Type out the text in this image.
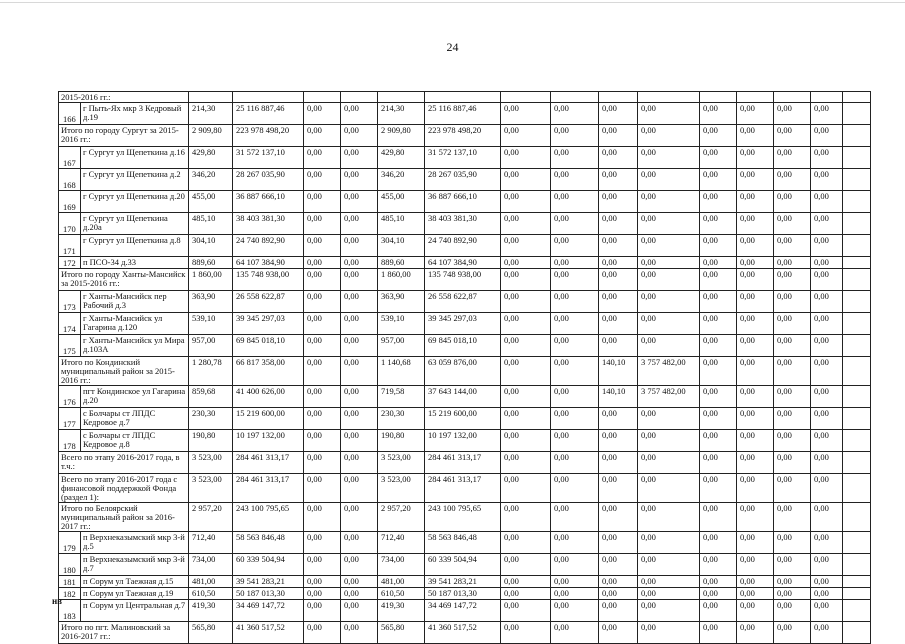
24
2015-2016 гг.:																
166	г Пыть-Ях мкр 3 Кедровый д.19	214,30	25 116 887,46	0,00	0,00	214,30	25 116 887,46	0,00	0,00	0,00	0,00	0,00	0,00	0,00	0,00	
Итого по городу Сургут за 2015-2016 гг.:		2 909,80	223 978 498,20	0,00	0,00	2 909,80	223 978 498,20	0,00	0,00	0,00	0,00	0,00	0,00	0,00	0,00	
167	г Сургут ул Щепеткина д.16	429,80	31 572 137,10	0,00	0,00	429,80	31 572 137,10	0,00	0,00	0,00	0,00	0,00	0,00	0,00	0,00	
168	г Сургут ул Щепеткина д.2	346,20	28 267 035,90	0,00	0,00	346,20	28 267 035,90	0,00	0,00	0,00	0,00	0,00	0,00	0,00	0,00	
169	г Сургут ул Щепеткина д.20	455,00	36 887 666,10	0,00	0,00	455,00	36 887 666,10	0,00	0,00	0,00	0,00	0,00	0,00	0,00	0,00	
170	г Сургут ул Щепеткина д.20а	485,10	38 403 381,30	0,00	0,00	485,10	38 403 381,30	0,00	0,00	0,00	0,00	0,00	0,00	0,00	0,00	
171	г Сургут ул Щепеткина д.8	304,10	24 740 892,90	0,00	0,00	304,10	24 740 892,90	0,00	0,00	0,00	0,00	0,00	0,00	0,00	0,00	
172	п ПСО-34 д.33	889,60	64 107 384,90	0,00	0,00	889,60	64 107 384,90	0,00	0,00	0,00	0,00	0,00	0,00	0,00	0,00	
Итого по городу Ханты-Мансийск за 2015-2016 гг.:		1 860,00	135 748 938,00	0,00	0,00	1 860,00	135 748 938,00	0,00	0,00	0,00	0,00	0,00	0,00	0,00	0,00	
173	г Ханты-Мансийск пер Рабочий д.3	363,90	26 558 622,87	0,00	0,00	363,90	26 558 622,87	0,00	0,00	0,00	0,00	0,00	0,00	0,00	0,00	
174	г Ханты-Мансийск ул Гагарина д.120	539,10	39 345 297,03	0,00	0,00	539,10	39 345 297,03	0,00	0,00	0,00	0,00	0,00	0,00	0,00	0,00	
175	г Ханты-Мансийск ул Мира д.103А	957,00	69 845 018,10	0,00	0,00	957,00	69 845 018,10	0,00	0,00	0,00	0,00	0,00	0,00	0,00	0,00	
Итого по Кондинский муниципальный район за 2015-2016 гг.:		1 280,78	66 817 358,00	0,00	0,00	1 140,68	63 059 876,00	0,00	0,00	140,10	3 757 482,00	0,00	0,00	0,00	0,00	
176	пгт Кондинское ул Гагарина д.20	859,68	41 400 626,00	0,00	0,00	719,58	37 643 144,00	0,00	0,00	140,10	3 757 482,00	0,00	0,00	0,00	0,00	
177	с Болчары ст ЛПДС Кедровое д.7	230,30	15 219 600,00	0,00	0,00	230,30	15 219 600,00	0,00	0,00	0,00	0,00	0,00	0,00	0,00	0,00	
178	с Болчары ст ЛПДС Кедровое д.8	190,80	10 197 132,00	0,00	0,00	190,80	10 197 132,00	0,00	0,00	0,00	0,00	0,00	0,00	0,00	0,00	
Всего по этапу 2016-2017 года, в т.ч.:		3 523,00	284 461 313,17	0,00	0,00	3 523,00	284 461 313,17	0,00	0,00	0,00	0,00	0,00	0,00	0,00	0,00	
Всего по этапу 2016-2017 года с финансовой поддержкой Фонда (раздел 1):		3 523,00	284 461 313,17	0,00	0,00	3 523,00	284 461 313,17	0,00	0,00	0,00	0,00	0,00	0,00	0,00	0,00	
Итого по Белоярский муниципальный район за 2016-2017 гг.:		2 957,20	243 100 795,65	0,00	0,00	2 957,20	243 100 795,65	0,00	0,00	0,00	0,00	0,00	0,00	0,00	0,00	
179	п Верхнеказымский мкр 3-й д.5	712,40	58 563 846,48	0,00	0,00	712,40	58 563 846,48	0,00	0,00	0,00	0,00	0,00	0,00	0,00	0,00	
180	п Верхнеказымский мкр 3-й д.7	734,00	60 339 504,94	0,00	0,00	734,00	60 339 504,94	0,00	0,00	0,00	0,00	0,00	0,00	0,00	0,00	
181	п Сорум ул Таежная д.15	481,00	39 541 283,21	0,00	0,00	481,00	39 541 283,21	0,00	0,00	0,00	0,00	0,00	0,00	0,00	0,00	
182	п Сорум ул Таежная д.19	610,50	50 187 013,30	0,00	0,00	610,50	50 187 013,30	0,00	0,00	0,00	0,00	0,00	0,00	0,00	0,00	
183	п Сорум ул Центральная д.7	419,30	34 469 147,72	0,00	0,00	419,30	34 469 147,72	0,00	0,00	0,00	0,00	0,00	0,00	0,00	0,00	
Итого по пгт. Малиновский за 2016-2017 гг.:		565,80	41 360 517,52	0,00	0,00	565,80	41 360 517,52	0,00	0,00	0,00	0,00	0,00	0,00	0,00	0,00	
нв
